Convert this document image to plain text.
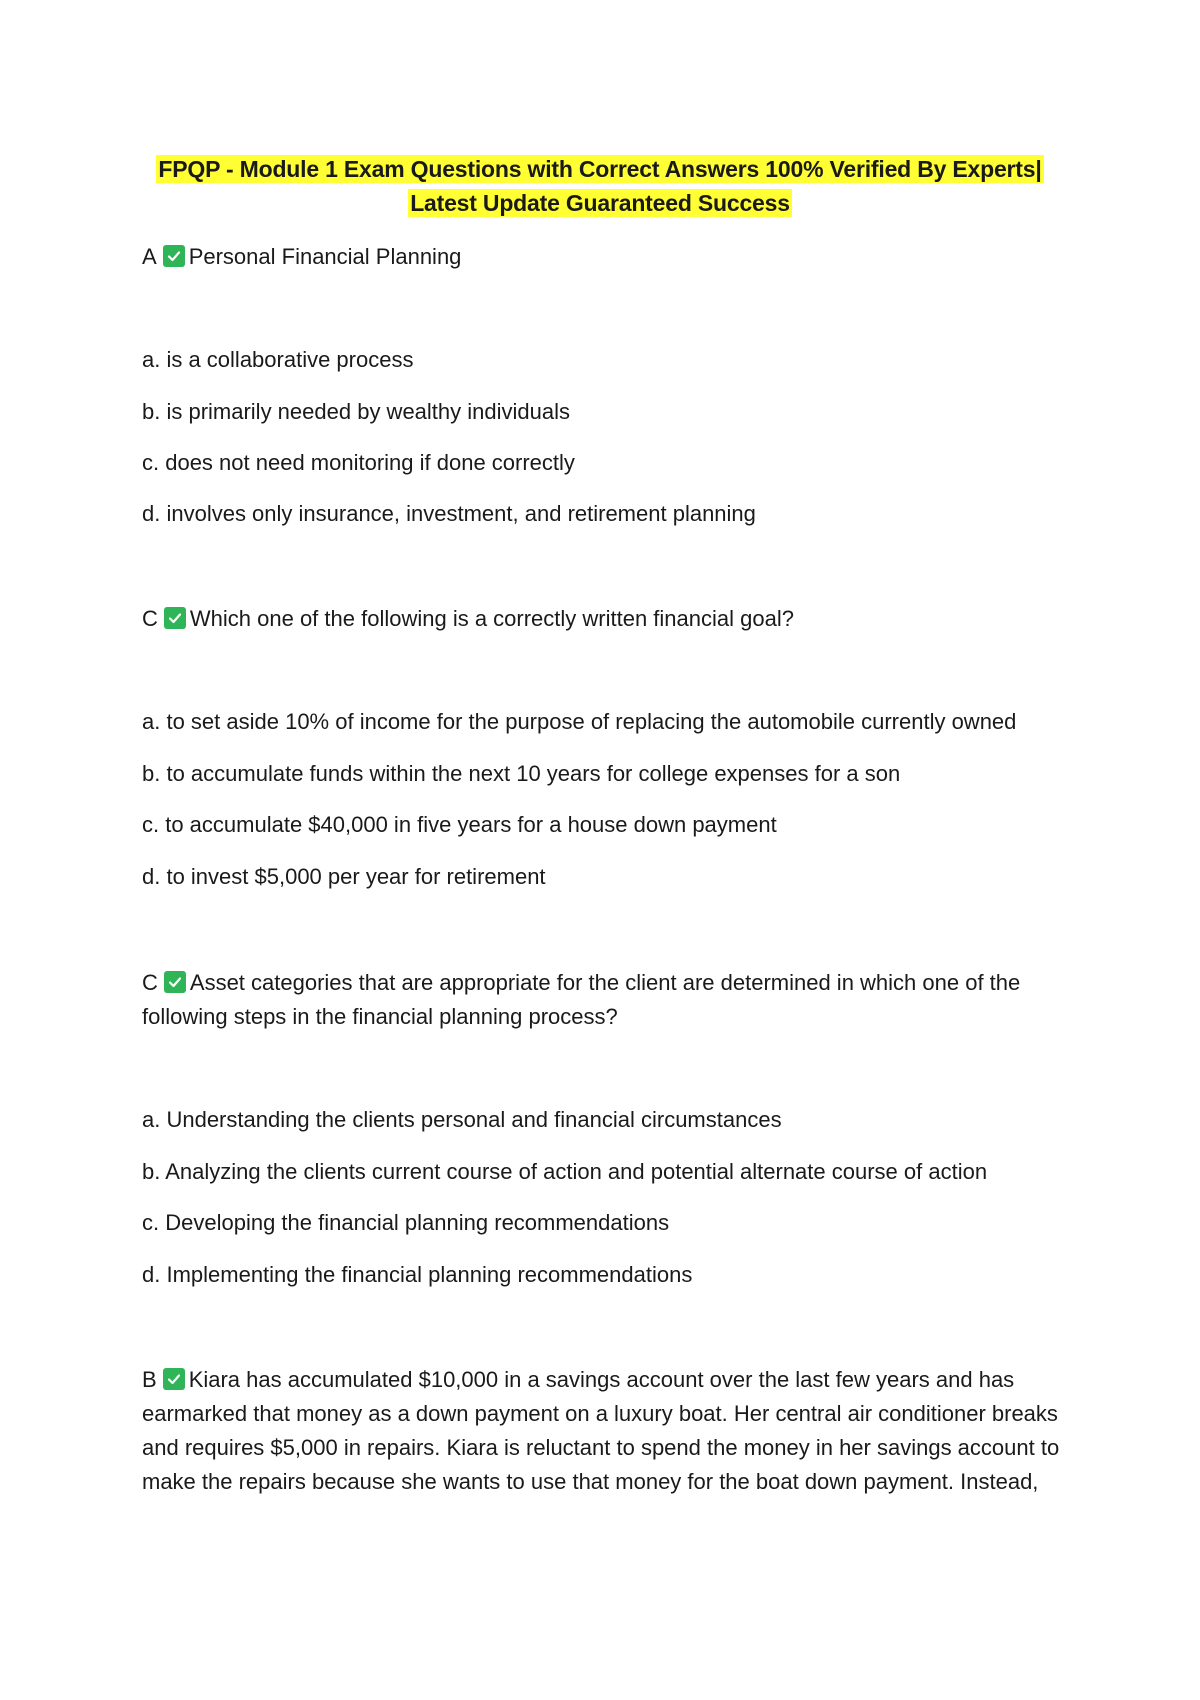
FPQP - Module 1 Exam Questions with Correct Answers 100% Verified By Experts| Latest Update Guaranteed Success
A Personal Financial Planning
a. is a collaborative process
b. is primarily needed by wealthy individuals
c. does not need monitoring if done correctly
d. involves only insurance, investment, and retirement planning
C Which one of the following is a correctly written financial goal?
a. to set aside 10% of income for the purpose of replacing the automobile currently owned
b. to accumulate funds within the next 10 years for college expenses for a son
c. to accumulate $40,000 in five years for a house down payment
d. to invest $5,000 per year for retirement
C Asset categories that are appropriate for the client are determined in which one of the following steps in the financial planning process?
a. Understanding the clients personal and financial circumstances
b. Analyzing the clients current course of action and potential alternate course of action
c. Developing the financial planning recommendations
d. Implementing the financial planning recommendations
B Kiara has accumulated $10,000 in a savings account over the last few years and has earmarked that money as a down payment on a luxury boat. Her central air conditioner breaks and requires $5,000 in repairs. Kiara is reluctant to spend the money in her savings account to make the repairs because she wants to use that money for the boat down payment. Instead,
